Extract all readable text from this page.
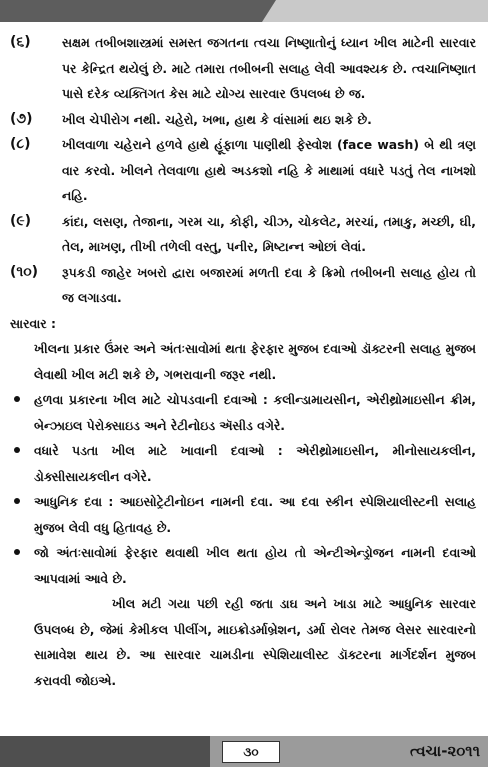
(૬)	સક્ષમ તબીબશાસ્ત્રમાં સમસ્ત જગતના ત્વચા નિષ્ણાતોનું ધ્યાન ખીલ માટેની સારવાર પર કેન્દ્રિત થયેલું છે. માટે તમારા તબીબની સલાહ લેવી આવશ્યક છે. ત્વચાનિષ્ણાત પાસે દરેક વ્યક્તિગત કેસ માટે યોગ્ય સારવાર ઉપલબ્ધ છે જ.
(૭) ખીલ ચેપીરોગ નથી. ચહેરો, ખભા, હાથ કે વાંસામાં થઇ શકે છે.
(૮)	ખીલવાળા ચહેરાને હળવે હાથે હૂંફાળા પાણીથી ફેસ્વોશ (face wash) બે થી ત્રણ વાર કરવો. ખીલને તેલવાળા હાથે અડકશો નહિ કે માથામાં વધારે પડતું તેલ નાખશો નહિ.
(૯) કાંદા, લસણ, તેજાના, ગરમ ચા, કોફી, ચીઝ, ચોકલેટ, મરચાં, તમાકુ, મચ્છી, ઘી, તેલ, માખણ, તીખી તળેલી વસ્તુ, પનીર, મિષ્ટાન્ન ઓછાં લેવાં.
(૧૦) રૂપકડી જાહેર ખબરો દ્વારા બજારમાં મળતી દવા કે ક્રિમો તબીબની સલાહ હોય તો જ લગાડવા.
સારવાર :
ખીલના પ્રકાર ઉંમર અને અંતઃસાવોમાં થતા ફેરફાર મુજબ દવાઓ ડૉક્ટરની સલાહ મુજબ લેવાથી ખીલ મટી શકે છે, ગભરાવાની જરૂર નથી.
હળવા પ્રકારના ખીલ માટે ચોપડવાની દવાઓ : કલીન્ડામાયસીન, એરીથ્રોમાઇસીન ક્રીમ, બેન્ઝાઇલ પેરોક્સાઇડ અને રેટીનોઇડ ઍસીડ વગેરે.
વધારે પડતા ખીલ માટે ખાવાની દવાઓ : એરીથ્રોમાઇસીન, મીનોસાયકલીન, ડોક્સીસાયકલીન વગેરે.
આધુનિક દવા : આઇસોટ્રેટીનોઇન નામની દવા. આ દવા સ્કીન સ્પેશિયાલીસ્ટની સલાહ મુજબ લેવી વધુ હિતાવહ છે.
જો અંતઃસાવોમાં ફેરફાર થવાથી ખીલ થતા હોય તો એન્ટીએન્ડ્રોજન નામની દવાઓ આપવામાં આવે છે.
ખીલ મટી ગયા પછી રહી જતા ડાઘ અને ખાડા માટે આધુનિક સારવાર ઉપલબ્ધ છે, જેમાં કેમીકલ પીલીંગ, માઇક્રોડર્માબ્રેશન, ડર્મા રોલર તેમજ લેસર સારવારનો સામાવેશ થાય છે. આ સારવાર ચામડીના સ્પેશિયાલીસ્ટ ડૉક્ટરના માર્ગદર્શન મુજબ કરાવવી જોઇએ.
૩૦	ત્વચા-૨૦૧૧
